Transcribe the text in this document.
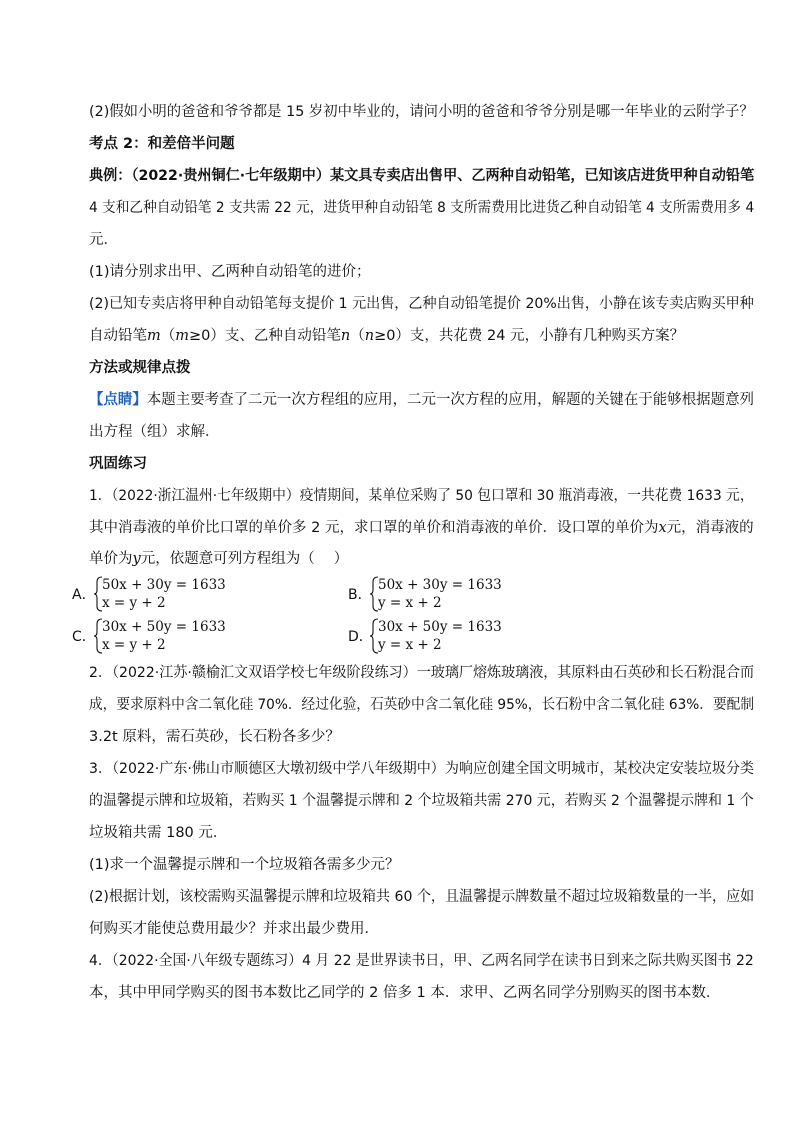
(2)假如小明的爸爸和爷爷都是 15 岁初中毕业的，请问小明的爸爸和爷爷分别是哪一年毕业的云附学子？
考点 2：和差倍半问题
典例：（2022·贵州铜仁·七年级期中）某文具专卖店出售甲、乙两种自动铅笔，已知该店进货甲种自动铅笔
4 支和乙种自动铅笔 2 支共需 22 元，进货甲种自动铅笔 8 支所需费用比进货乙种自动铅笔 4 支所需费用多 4
元．
(1)请分别求出甲、乙两种自动铅笔的进价；
(2)已知专卖店将甲种自动铅笔每支提价 1 元出售，乙种自动铅笔提价 20%出售，小静在该专卖店购买甲种
自动铅笔m（m≥0）支、乙种自动铅笔n（n≥0）支，共花费 24 元，小静有几种购买方案？
方法或规律点拨
【点睛】本题主要考查了二元一次方程组的应用，二元一次方程的应用，解题的关键在于能够根据题意列
出方程（组）求解．
巩固练习
1．（2022·浙江温州·七年级期中）疫情期间，某单位采购了 50 包口罩和 30 瓶消毒液，一共花费 1633 元，
其中消毒液的单价比口罩的单价多 2 元，求口罩的单价和消毒液的单价．设口罩的单价为x元，消毒液的
单价为y元，依题意可列方程组为（　 ）
A．
50x + 30y = 1633
x = y + 2	B．
50x + 30y = 1633
y = x + 2
C．
30x + 50y = 1633
x = y + 2	D．
30x + 50y = 1633
y = x + 2
2．（2022·江苏·赣榆汇文双语学校七年级阶段练习）一玻璃厂熔炼玻璃液，其原料由石英砂和长石粉混合而
成，要求原料中含二氧化硅 70%．经过化验，石英砂中含二氧化硅 95%，长石粉中含二氧化硅 63%．要配制
3.2t 原料，需石英砂，长石粉各多少？
3．（2022·广东·佛山市顺德区大墩初级中学八年级期中）为响应创建全国文明城市，某校决定安装垃圾分类
的温馨提示牌和垃圾箱，若购买 1 个温馨提示牌和 2 个垃圾箱共需 270 元，若购买 2 个温馨提示牌和 1 个
垃圾箱共需 180 元．
(1)求一个温馨提示牌和一个垃圾箱各需多少元？
(2)根据计划，该校需购买温馨提示牌和垃圾箱共 60 个，且温馨提示牌数量不超过垃圾箱数量的一半，应如
何购买才能使总费用最少？并求出最少费用．
4．（2022·全国·八年级专题练习）4 月 22 是世界读书日，甲、乙两名同学在读书日到来之际共购买图书 22
本，其中甲同学购买的图书本数比乙同学的 2 倍多 1 本．求甲、乙两名同学分别购买的图书本数．
